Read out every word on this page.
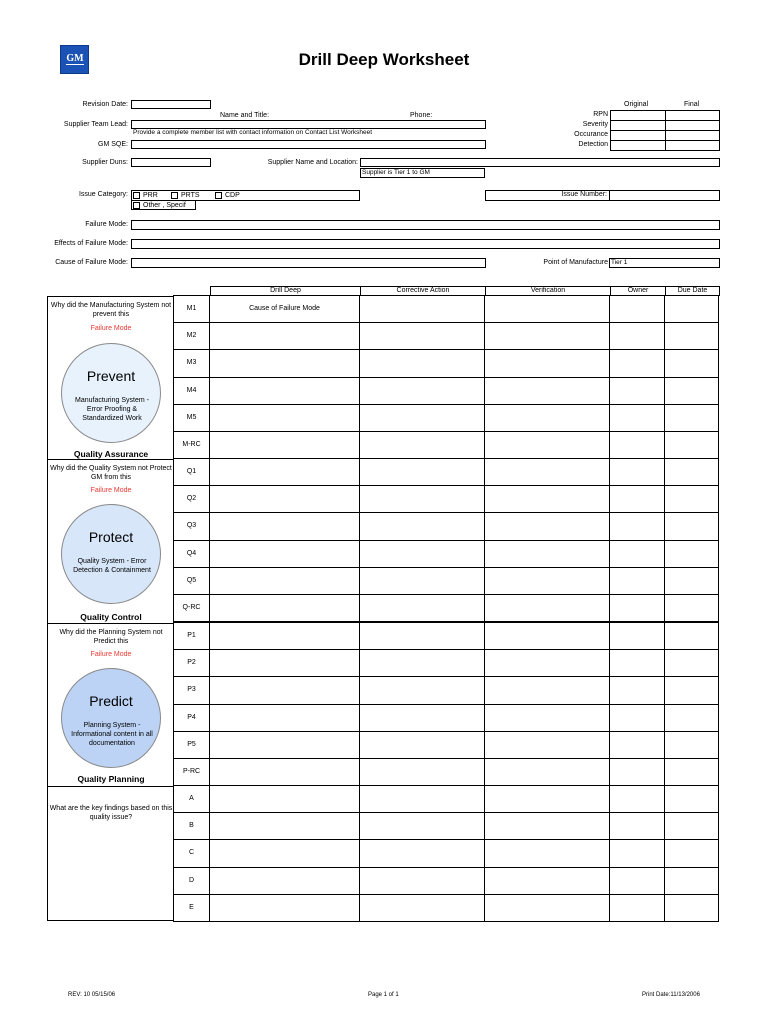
GM	Drill Deep Worksheet
Revision Date:
Name and Title:	Phone:
Supplier Team Lead:
Provide a complete member list with contact information on Contact List Worksheet
GM SQE:
Original	Final
RPN
Severity
Occurance
Detection
Supplier Duns:	Supplier Name and Location:
Supplier is Tier 1 to GM
Issue Category:	PRR	PRTS	CDP
Other , Specif
Issue Number:
Failure Mode:
Effects of Failure Mode:
Cause of Failure Mode:	Point of Manufacture Tier 1
Drill Deep	Corrective Action	Verification	Owner	Due Date
Why did the Manufacturing System not prevent this
Failure Mode
Prevent
Manufacturing System - Error Proofing & Standardized Work
Quality Assurance
Why did the Quality System not Protect GM from this
Failure Mode
Protect
Quality System - Error Detection & Containment
Quality Control
Why did the Planning System not Predict this
Failure Mode
Predict
Planning System - Informational content in all documentation
Quality Planning
What are the key findings based on this quality issue?
M1	Cause of Failure Mode
M2
M3
M4
M5
M-RC
Q1
Q2
Q3
Q4
Q5
Q-RC
P1
P2
P3
P4
P5
P-RC
A
B
C
D
E
REV: 10 05/15/06	Page 1 of 1	Print Date:11/13/2006
